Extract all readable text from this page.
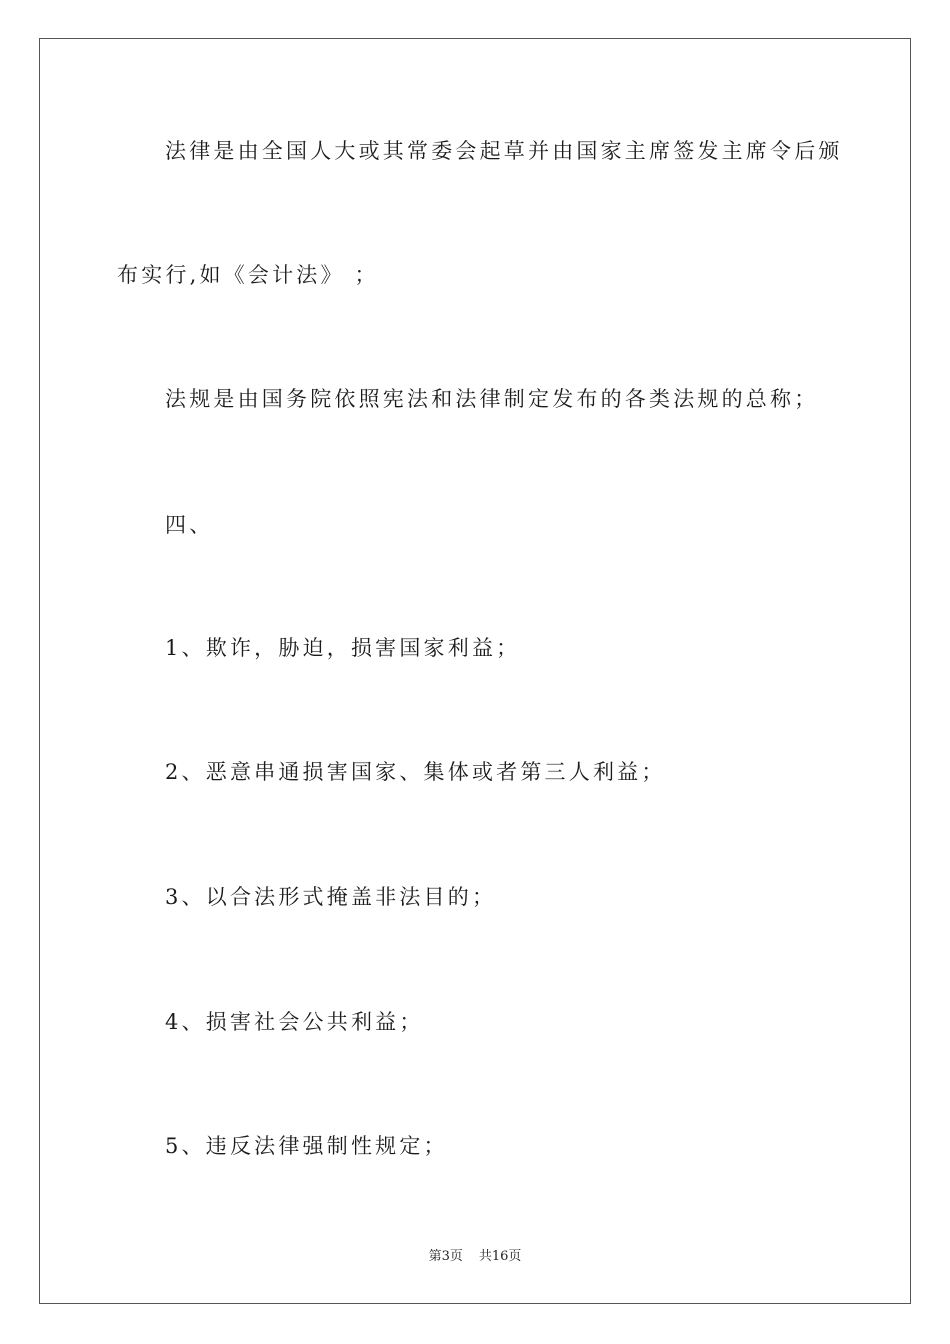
法律是由全国人大或其常委会起草并由国家主席签发主席令后颁
布实行,如《会计法》 ；
法规是由国务院依照宪法和法律制定发布的各类法规的总称；
四、
1、欺诈，胁迫，损害国家利益；
2、恶意串通损害国家、集体或者第三人利益；
3、以合法形式掩盖非法目的；
4、损害社会公共利益；
5、违反法律强制性规定；
第3页 共16页
